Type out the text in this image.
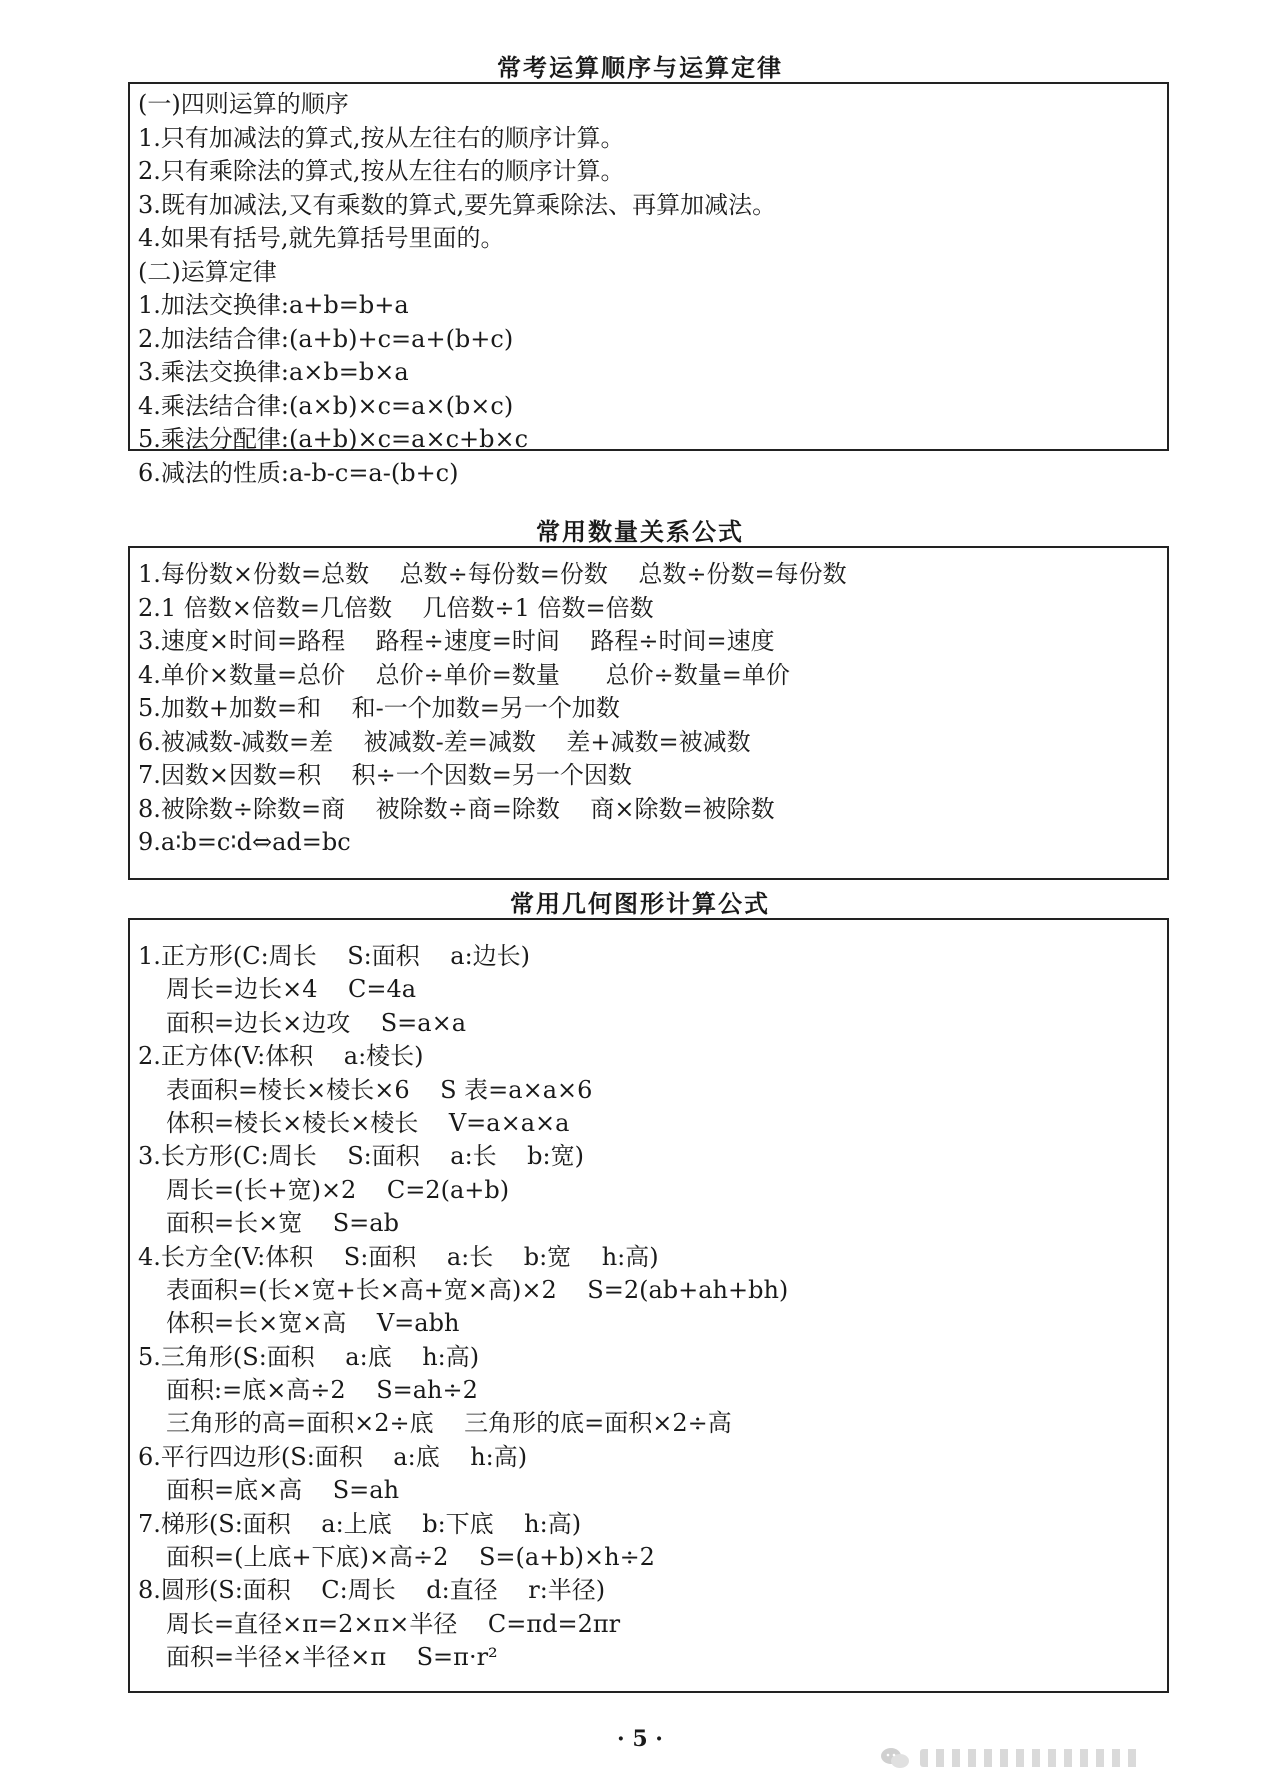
常考运算顺序与运算定律
(一)四则运算的顺序
1.只有加减法的算式,按从左往右的顺序计算。
2.只有乘除法的算式,按从左往右的顺序计算。
3.既有加减法,又有乘数的算式,要先算乘除法、再算加减法。
4.如果有括号,就先算括号里面的。
(二)运算定律
1.加法交换律:a+b=b+a
2.加法结合律:(a+b)+c=a+(b+c)
3.乘法交换律:a×b=b×a
4.乘法结合律:(a×b)×c=a×(b×c)
5.乘法分配律:(a+b)×c=a×c+b×c
6.减法的性质:a-b-c=a-(b+c)
常用数量关系公式
1.每份数×份数=总数    总数÷每份数=份数    总数÷份数=每份数
2.1 倍数×倍数=几倍数    几倍数÷1 倍数=倍数
3.速度×时间=路程    路程÷速度=时间    路程÷时间=速度
4.单价×数量=总价    总价÷单价=数量      总价÷数量=单价
5.加数+加数=和    和-一个加数=另一个加数
6.被减数-减数=差    被减数-差=减数    差+减数=被减数
7.因数×因数=积    积÷一个因数=另一个因数
8.被除数÷除数=商    被除数÷商=除数    商×除数=被除数
9.a∶b=c∶d⇔ad=bc
常用几何图形计算公式
1.正方形(C:周长    S:面积    a:边长)
周长=边长×4    C=4a
面积=边长×边攻    S=a×a
2.正方体(V:体积    a:棱长)
表面积=棱长×棱长×6    S 表=a×a×6
体积=棱长×棱长×棱长    V=a×a×a
3.长方形(C:周长    S:面积    a:长    b:宽)
周长=(长+宽)×2    C=2(a+b)
面积=长×宽    S=ab
4.长方全(V:体积    S:面积    a:长    b:宽    h:高)
表面积=(长×宽+长×高+宽×高)×2    S=2(ab+ah+bh)
体积=长×宽×高    V=abh
5.三角形(S:面积    a:底    h:高)
面积:=底×高÷2    S=ah÷2
三角形的高=面积×2÷底    三角形的底=面积×2÷高
6.平行四边形(S:面积    a:底    h:高)
面积=底×高    S=ah
7.梯形(S:面积    a:上底    b:下底    h:高)
面积=(上底+下底)×高÷2    S=(a+b)×h÷2
8.圆形(S:面积    C:周长    d:直径    r:半径)
周长=直径×π=2×π×半径    C=πd=2πr
面积=半径×半径×π    S=π·r²
· 5 ·
